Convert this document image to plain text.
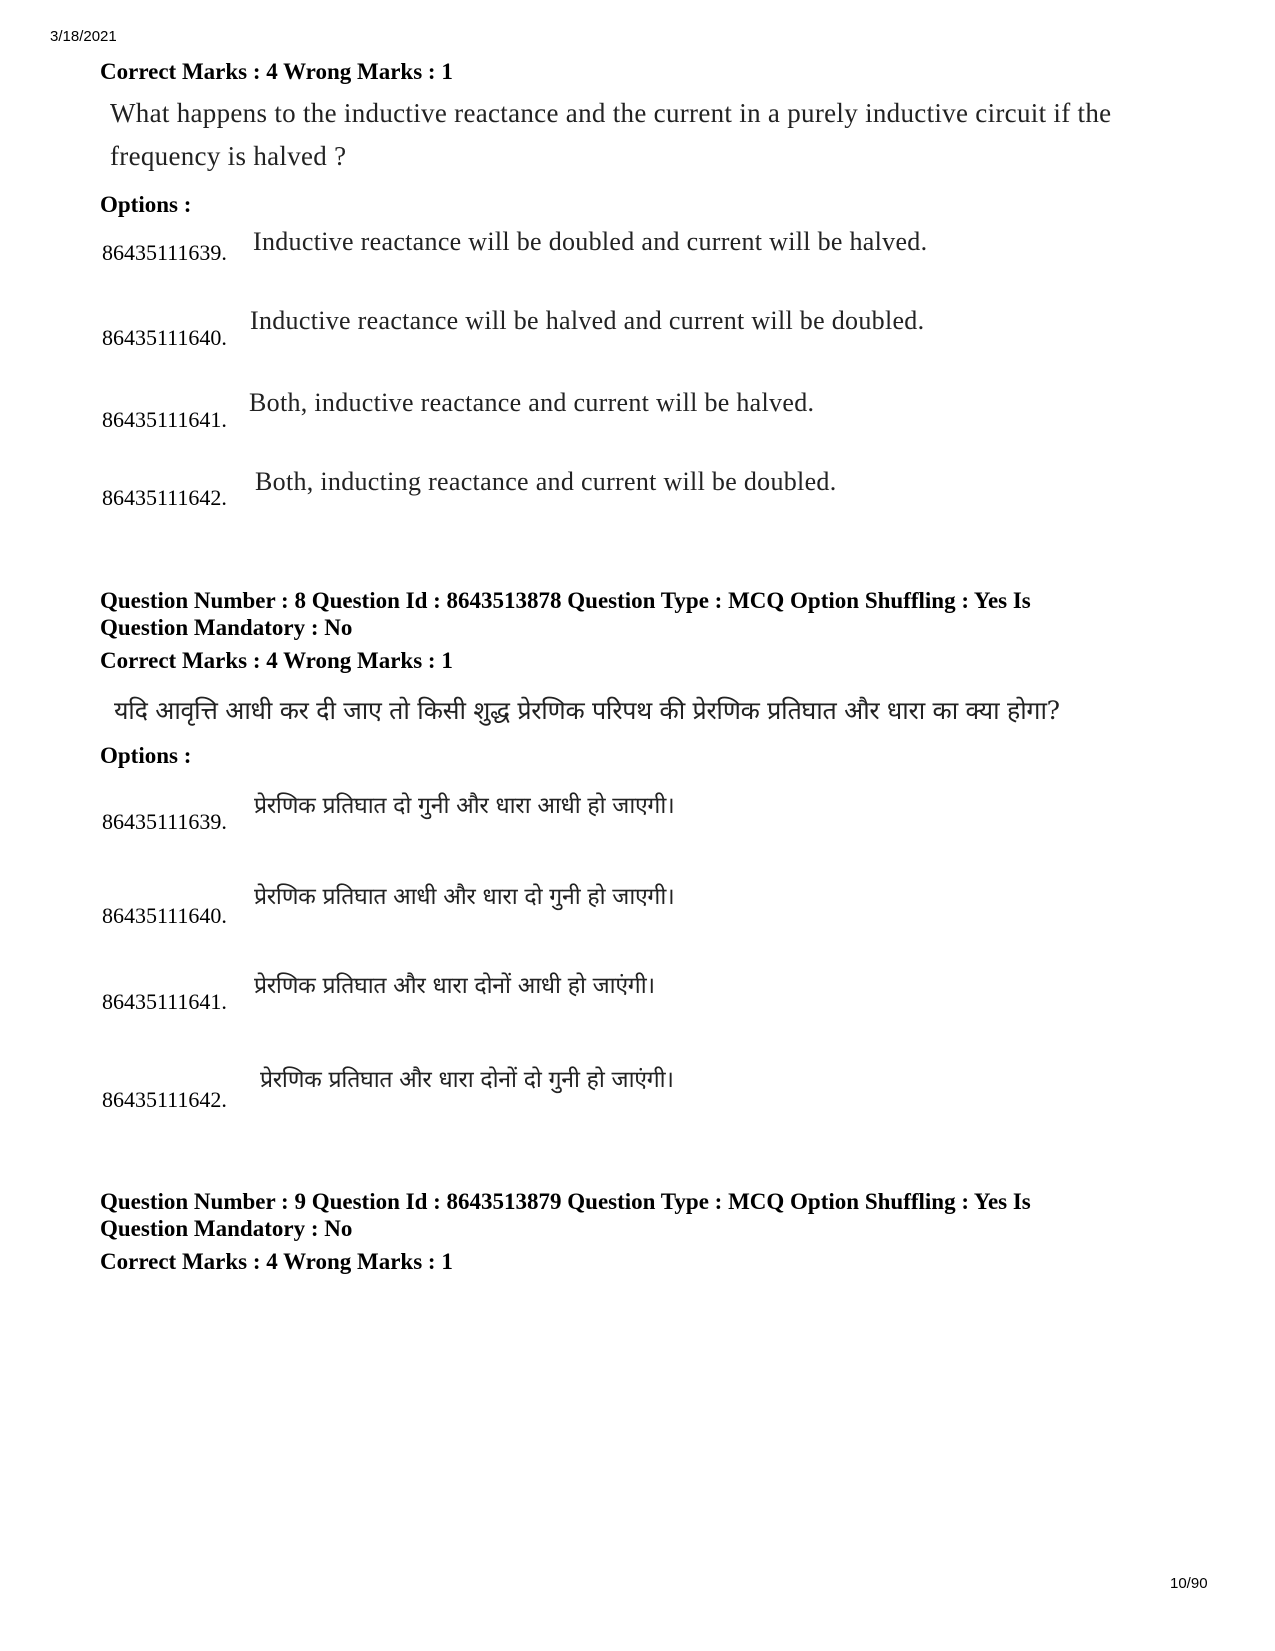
3/18/2021
Correct Marks : 4 Wrong Marks : 1
What happens to the inductive reactance and the current in a purely inductive circuit if the
frequency is halved ?
Options :
86435111639. Inductive reactance will be doubled and current will be halved.
86435111640.
Inductive reactance will be halved and current will be doubled.
86435111641.
Both, inductive reactance and current will be halved.
86435111642.
Both, inducting reactance and current will be doubled.
Question Number : 8 Question Id : 8643513878 Question Type : MCQ Option Shuffling : Yes Is
Question Mandatory : No
Correct Marks : 4 Wrong Marks : 1
यदि आवृत्ति आधी कर दी जाए तो किसी शुद्ध प्रेरणिक परिपथ की प्रेरणिक प्रतिघात और धारा का क्या होगा?
Options :
86435111639.
प्रेरणिक प्रतिघात दो गुनी और धारा आधी हो जाएगी।
86435111640.
प्रेरणिक प्रतिघात आधी और धारा दो गुनी हो जाएगी।
86435111641.
प्रेरणिक प्रतिघात और धारा दोनों आधी हो जाएंगी।
86435111642.
प्रेरणिक प्रतिघात और धारा दोनों दो गुनी हो जाएंगी।
Question Number : 9 Question Id : 8643513879 Question Type : MCQ Option Shuffling : Yes Is
Question Mandatory : No
Correct Marks : 4 Wrong Marks : 1
10/90
